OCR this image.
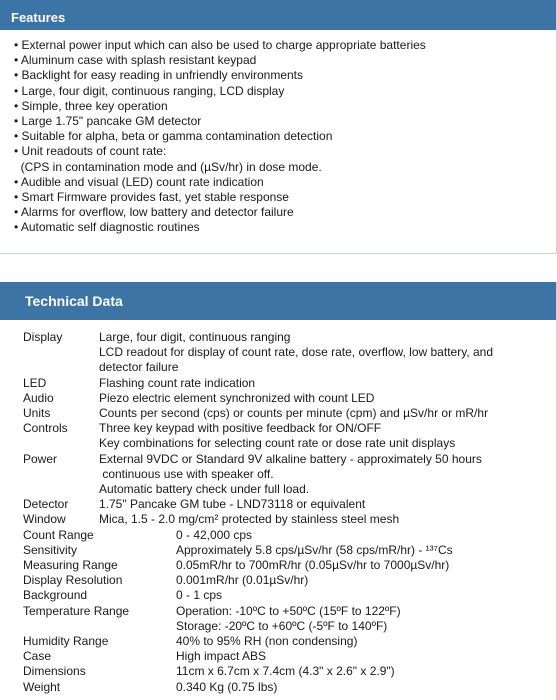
Features
• External power input which can also be used to charge appropriate batteries
• Aluminum case with splash resistant keypad
• Backlight for easy reading in unfriendly environments
• Large, four digit, continuous ranging, LCD display
• Simple, three key operation
• Large 1.75" pancake GM detector
• Suitable for alpha, beta or gamma contamination detection
• Unit readouts of count rate:
(CPS in contamination mode and (µSv/hr) in dose mode.
• Audible and visual (LED) count rate indication
• Smart Firmware provides fast, yet stable response
• Alarms for overflow, low battery and detector failure
• Automatic self diagnostic routines
Technical Data
Display	Large, four digit, continuous ranging
LCD readout for display of count rate, dose rate, overflow, low battery, and
detector failure
LED	Flashing count rate indication
Audio	Piezo electric element synchronized with count LED
Units	Counts per second (cps) or counts per minute (cpm) and µSv/hr or mR/hr
Controls	Three key keypad with positive feedback for ON/OFF
Key combinations for selecting count rate or dose rate unit displays
Power	External 9VDC or Standard 9V alkaline battery - approximately 50 hours
continuous use with speaker off.
Automatic battery check under full load.
Detector	1.75" Pancake GM tube - LND73118 or equivalent
Window	Mica, 1.5 - 2.0 mg/cm² protected by stainless steel mesh
Count Range	0 - 42,000 cps
Sensitivity	Approximately 5.8 cps/µSv/hr (58 cps/mR/hr) - ¹³⁷Cs
Measuring Range	0.05mR/hr to 700mR/hr (0.05µSv/hr to 7000µSv/hr)
Display Resolution	0.001mR/hr (0.01µSv/hr)
Background	0 - 1 cps
Temperature Range	Operation: -10ºC to +50ºC (15ºF to 122ºF)
Storage: -20ºC to +60ºC (-5ºF to 140ºF)
Humidity Range	40% to 95% RH (non condensing)
Case	High impact ABS
Dimensions	11cm x 6.7cm x 7.4cm (4.3" x 2.6" x 2.9")
Weight	0.340 Kg (0.75 lbs)
